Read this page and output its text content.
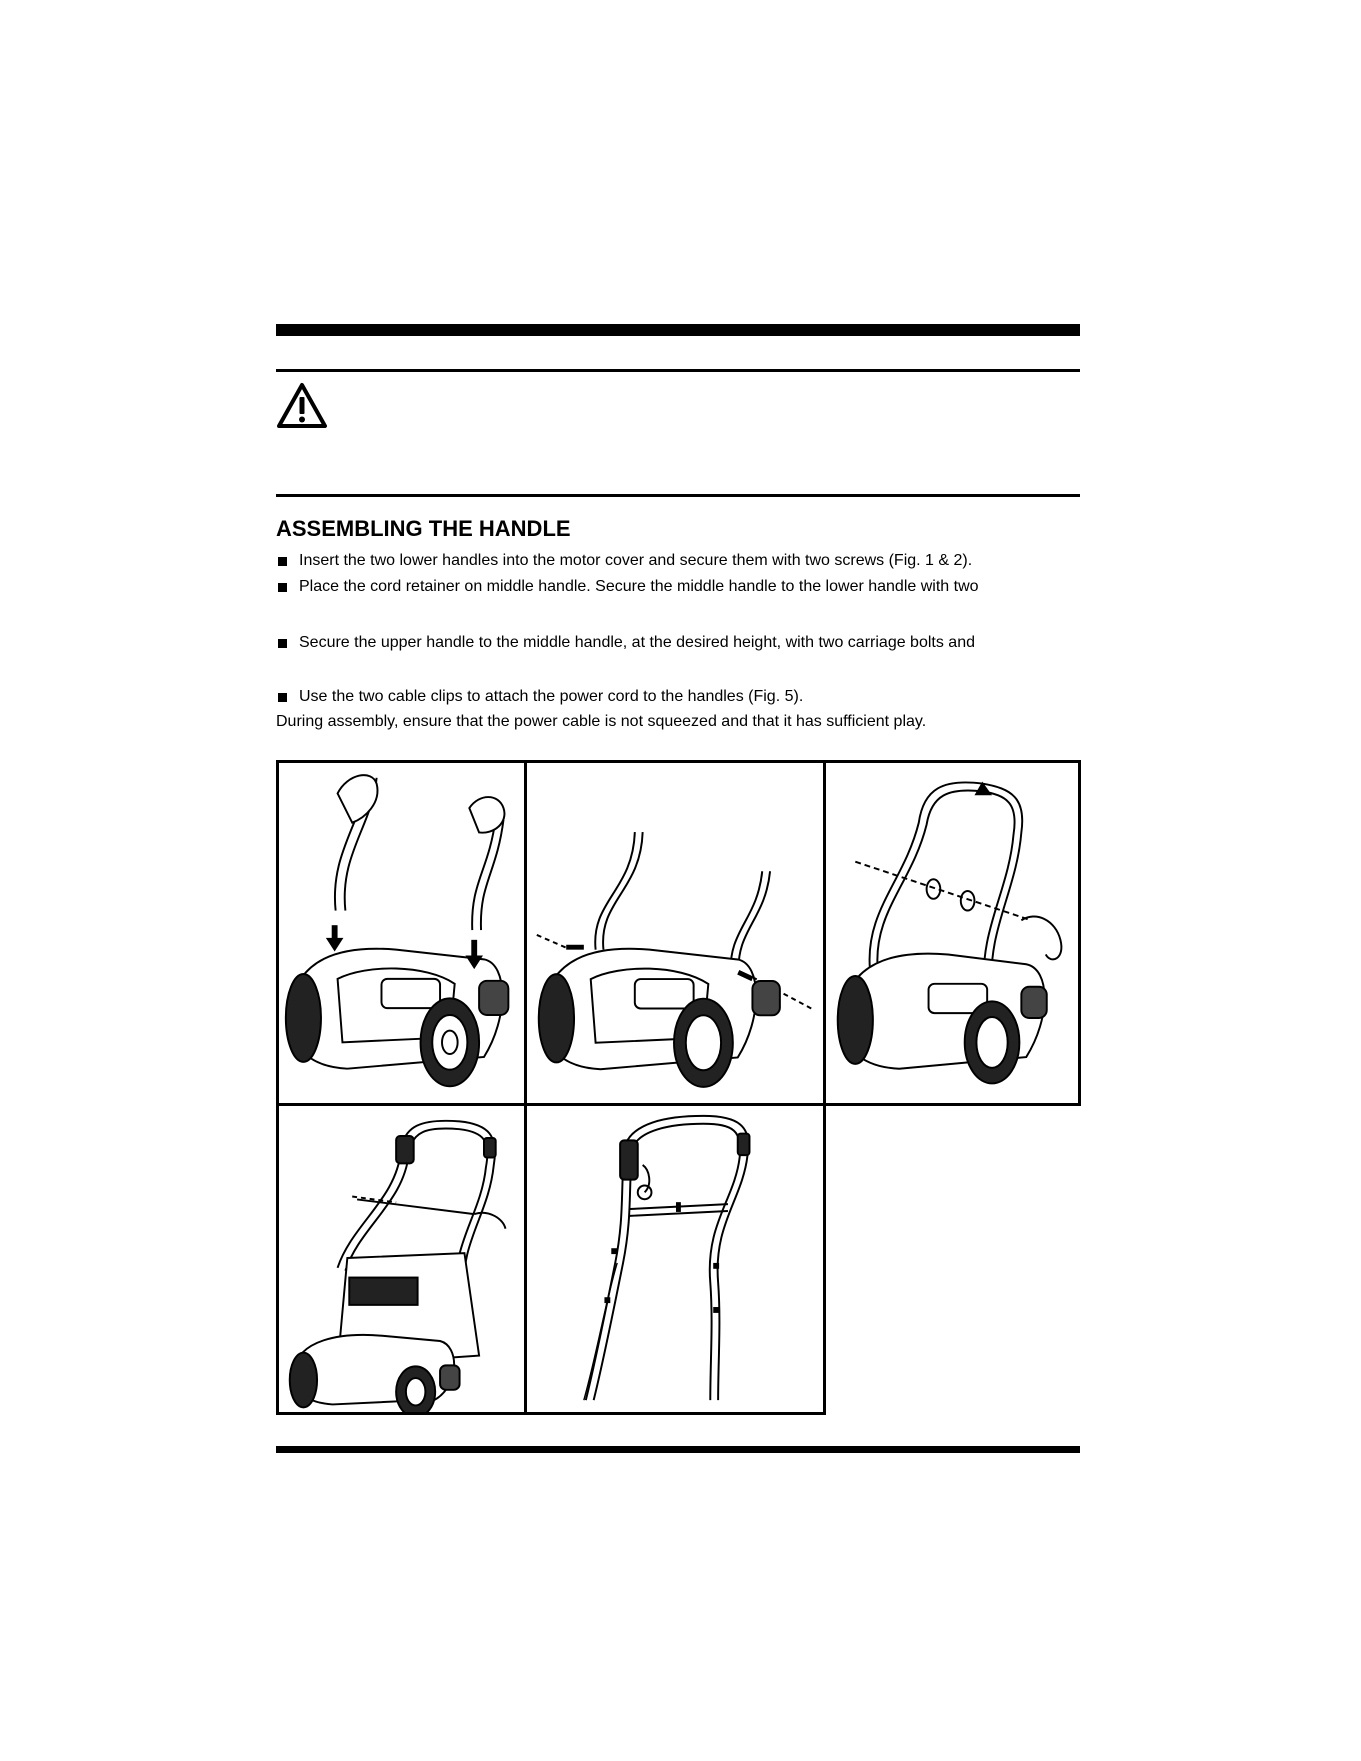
ASSEMBLING THE HANDLE
Insert the two lower handles into the motor cover and secure them with two screws (Fig. 1 & 2).
Place the cord retainer on middle handle. Secure the middle handle to the lower handle with two
Secure the upper handle to the middle handle, at the desired height, with two carriage bolts and
Use the two cable clips to attach the power cord to the handles (Fig. 5).
During assembly, ensure that the power cable is not squeezed and that it has sufficient play.
